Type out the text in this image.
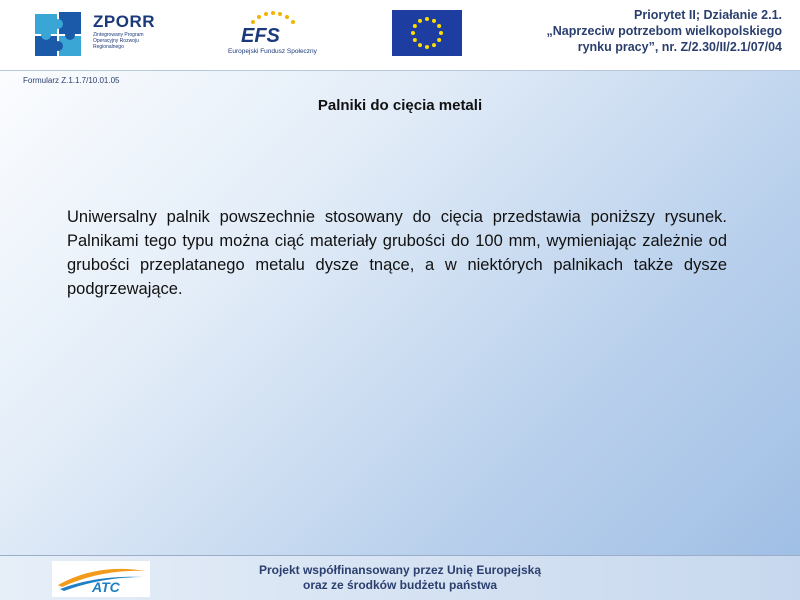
ZPORR
Zintegrowany Program Operacyjny Rozwoju Regionalnego	EFS
Europejski Fundusz Społeczny
Priorytet II; Działanie 2.1.
„Naprzeciw potrzebom wielkopolskiego
rynku pracy”, nr. Z/2.30/II/2.1/07/04
Formularz Z.1.1.7/10.01.05
Palniki do cięcia metali
Uniwersalny palnik powszechnie stosowany do cięcia przedstawia poniższy rysunek. Palnikami tego typu można ciąć materiały grubości do 100 mm, wymieniając zależnie od grubości przeplatanego metalu dysze tnące, a w niektórych palnikach także dysze podgrzewające.
ATC
Projekt współfinansowany przez Unię Europejską
oraz ze środków budżetu państwa
